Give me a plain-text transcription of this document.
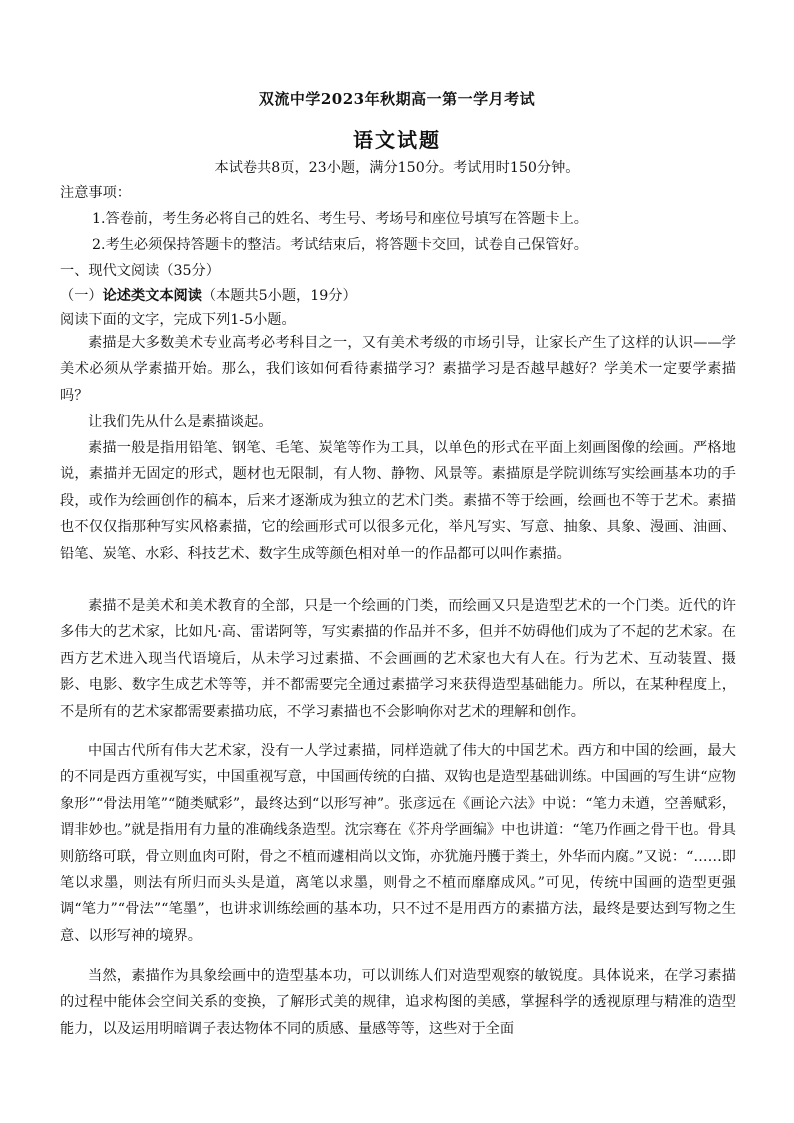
双流中学2023年秋期高一第一学月考试
语文试题
本试卷共8页，23小题，满分150分。考试用时150分钟。
注意事项：
1.答卷前，考生务必将自己的姓名、考生号、考场号和座位号填写在答题卡上。
2.考生必须保持答题卡的整洁。考试结束后，将答题卡交回，试卷自己保管好。
一、现代文阅读（35分）
（一）论述类文本阅读（本题共5小题，19分）
阅读下面的文字，完成下列1-5小题。

素描是大多数美术专业高考必考科目之一，又有美术考级的市场引导，让家长产生了这样的认识——学美术必须从学素描开始。那么，我们该如何看待素描学习？素描学习是否越早越好？学美术一定要学素描吗？

让我们先从什么是素描谈起。

素描一般是指用铅笔、钢笔、毛笔、炭笔等作为工具，以单色的形式在平面上刻画图像的绘画。严格地说，素描并无固定的形式，题材也无限制，有人物、静物、风景等。素描原是学院训练写实绘画基本功的手段，或作为绘画创作的稿本，后来才逐渐成为独立的艺术门类。素描不等于绘画，绘画也不等于艺术。素描也不仅仅指那种写实风格素描，它的绘画形式可以很多元化，举凡写实、写意、抽象、具象、漫画、油画、铅笔、炭笔、水彩、科技艺术、数字生成等颜色相对单一的作品都可以叫作素描。

素描不是美术和美术教育的全部，只是一个绘画的门类，而绘画又只是造型艺术的一个门类。近代的许多伟大的艺术家，比如凡·高、雷诺阿等，写实素描的作品并不多，但并不妨碍他们成为了不起的艺术家。在西方艺术进入现当代语境后，从未学习过素描、不会画画的艺术家也大有人在。行为艺术、互动装置、摄影、电影、数字生成艺术等等，并不都需要完全通过素描学习来获得造型基础能力。所以，在某种程度上，不是所有的艺术家都需要素描功底，不学习素描也不会影响你对艺术的理解和创作。

中国古代所有伟大艺术家，没有一人学过素描，同样造就了伟大的中国艺术。西方和中国的绘画，最大的不同是西方重视写实，中国重视写意，中国画传统的白描、双钩也是造型基础训练。中国画的写生讲“应物象形”“骨法用笔”“随类赋彩”，最终达到“以形写神”。张彦远在《画论六法》中说：“笔力未遒，空善赋彩，谓非妙也。”就是指用有力量的准确线条造型。沈宗骞在《芥舟学画编》中也讲道：“笔乃作画之骨干也。骨具则筋络可联，骨立则血肉可附，骨之不植而遽相尚以文饰，亦犹施丹雘于粪土，外华而内腐。”又说：“……即笔以求墨，则法有所归而头头是道，离笔以求墨，则骨之不植而靡靡成风。”可见，传统中国画的造型更强调“笔力”“骨法”“笔墨”，也讲求训练绘画的基本功，只不过不是用西方的素描方法，最终是要达到写物之生意、以形写神的境界。

当然，素描作为具象绘画中的造型基本功，可以训练人们对造型观察的敏锐度。具体说来，在学习素描的过程中能体会空间关系的变换，了解形式美的规律，追求构图的美感，掌握科学的透视原理与精准的造型能力，以及运用明暗调子表达物体不同的质感、量感等等，这些对于全面
